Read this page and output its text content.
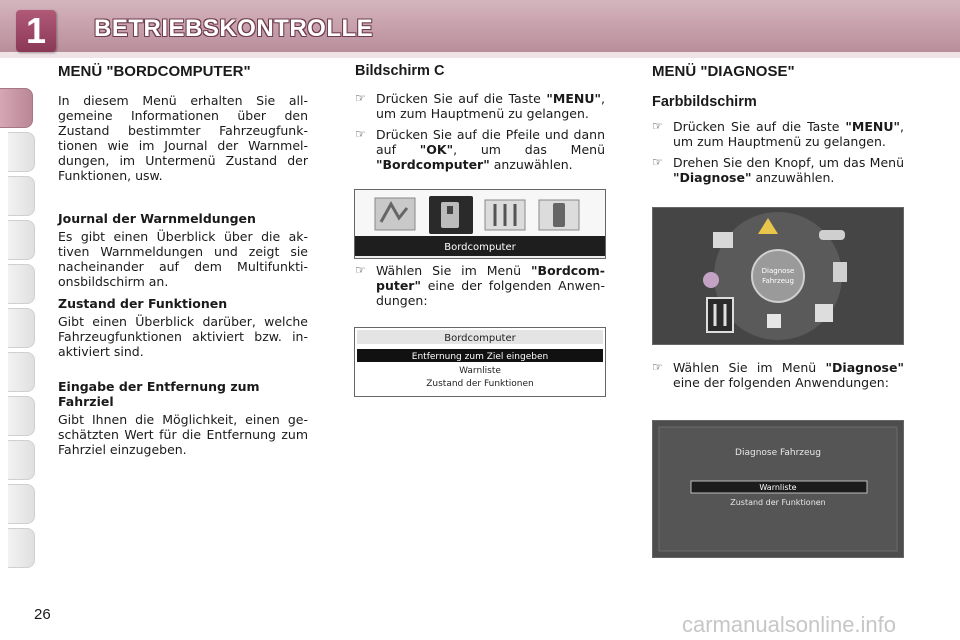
1	BETRIEBSKONTROLLE
MENÜ "BORDCOMPUTER"

In diesem Menü erhalten Sie allgemeine Informationen über den Zustand bestimmter Fahrzeugfunktionen wie im Journal der Warnmeldungen, im Untermenü Zustand der Funktionen, usw.

Journal der Warnmeldungen

Es gibt einen Überblick über die aktiven Warnmeldungen und zeigt sie nacheinander auf dem Multifunktionsbildschirm an.

Zustand der Funktionen

Gibt einen Überblick darüber, welche Fahrzeugfunktionen aktiviert bzw. inaktiviert sind.

Eingabe der Entfernung zum Fahrziel

Gibt Ihnen die Möglichkeit, einen geschätzten Wert für die Entfernung zum Fahrziel einzugeben.

Bildschirm C
☞ Drücken Sie auf die Taste "MENU", um zum Hauptmenü zu gelangen.
☞ Drücken Sie auf die Pfeile und dann auf "OK", um das Menü "Bordcomputer" anzuwählen.
Bordcomputer
☞ Wählen Sie im Menü "Bordcomputer" eine der folgenden Anwendungen:
Bordcomputer
Entfernung zum Ziel eingeben
Warnliste
Zustand der Funktionen
MENÜ "DIAGNOSE"
Farbbildschirm
☞ Drücken Sie auf die Taste "MENU", um zum Hauptmenü zu gelangen.
☞ Drehen Sie den Knopf, um das Menü "Diagnose" anzuwählen.
Diagnose
Fahrzeug
☞ Wählen Sie im Menü "Diagnose" eine der folgenden Anwendungen:
Diagnose Fahrzeug
Warnliste
Zustand der Funktionen
26	carmanualsonline.info
